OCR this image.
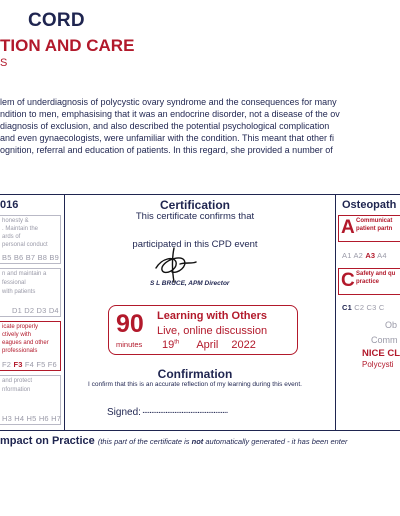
CORD
TION AND CARE
S
lem of underdiagnosis of polycystic ovary syndrome and the consequences for many
ndition to men, emphasising that it was an endocrine disorder, not a disease of the ov
diagnosis of exclusion, and also described the potential psychological complication
and even gynaecologists, were unfamiliar with the condition. This meant that other fi
ognition, referral and education of patients. In this regard, she provided a number of
016
honesty &
. Maintain the
ards of
personal conduct
B5 B6 B7 B8 B9
n and maintain a
fessional
with patients
D1 D2 D3 D4
icate properly
ctively with
eagues and other
professionals
F2 F3 F4 F5 F6
and protect
nformation
H3 H4 H5 H6 H7
Certification
This certificate confirms that
participated in this CPD event
S L BRUCE, APM Director
90
minutes
Learning with Others
Live, online discussion
19th April 2022
Confirmation
I confirm that this is an accurate reflection of my learning during this event.
Signed: ................................................
Osteopath
A Communicat
patient partn
A1 A2 A3 A4
C Safety and qu
practice
C1 C2 C3 C
Ob
Comm
NICE CL
Polycysti
mpact on Practice (this part of the certificate is not automatically generated - it has been enter
